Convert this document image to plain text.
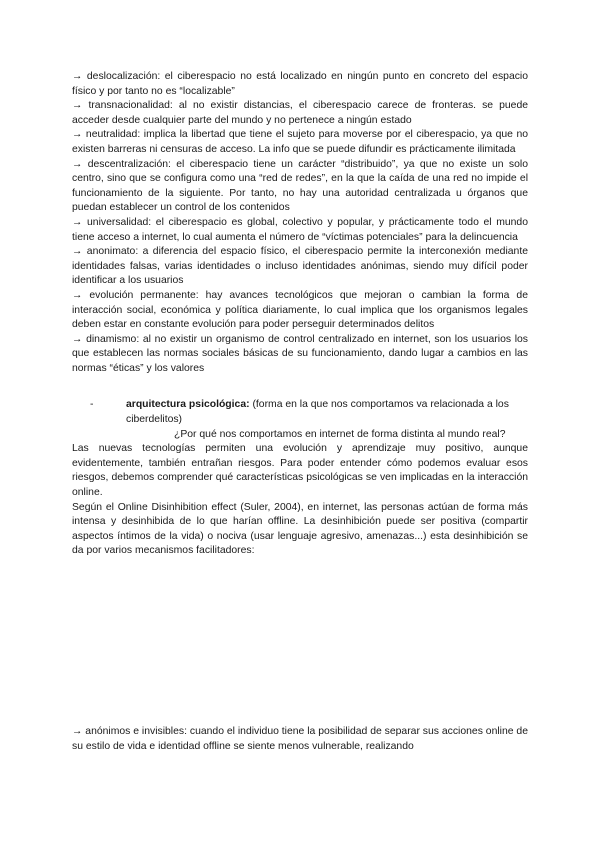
→ deslocalización: el ciberespacio no está localizado en ningún punto en concreto del espacio físico y por tanto no es “localizable”

→ transnacionalidad: al no existir distancias, el ciberespacio carece de fronteras. se puede acceder desde cualquier parte del mundo y no pertenece a ningún estado

→ neutralidad: implica la libertad que tiene el sujeto para moverse por el ciberespacio, ya que no existen barreras ni censuras de acceso. La info que se puede difundir es prácticamente ilimitada

→ descentralización: el ciberespacio tiene un carácter “distribuido”, ya que no existe un solo centro, sino que se configura como una “red de redes”, en la que la caída de una red no impide el funcionamiento de la siguiente. Por tanto, no hay una autoridad centralizada u órganos que puedan establecer un control de los contenidos

→ universalidad: el ciberespacio es global, colectivo y popular, y prácticamente todo el mundo tiene acceso a internet, lo cual aumenta el número de “víctimas potenciales” para la delincuencia

→ anonimato: a diferencia del espacio físico, el ciberespacio permite la interconexión mediante identidades falsas, varias identidades o incluso identidades anónimas, siendo muy difícil poder identificar a los usuarios

→ evolución permanente: hay avances tecnológicos que mejoran o cambian la forma de interacción social, económica y política diariamente, lo cual implica que los organismos legales deben estar en constante evolución para poder perseguir determinados delitos

→ dinamismo: al no existir un organismo de control centralizado en internet, son los usuarios los que establecen las normas sociales básicas de su funcionamiento, dando lugar a cambios en las normas “éticas” y los valores

-	arquitectura psicológica: (forma en la que nos comportamos va relacionada a los ciberdelitos)

¿Por qué nos comportamos en internet de forma distinta al mundo real?

Las nuevas tecnologías permiten una evolución y aprendizaje muy positivo, aunque evidentemente, también entrañan riesgos. Para poder entender cómo podemos evaluar esos riesgos, debemos comprender qué características psicológicas se ven implicadas en la interacción online.

Según el Online Disinhibition effect (Suler, 2004), en internet, las personas actúan de forma más intensa y desinhibida de lo que harían offline. La desinhibición puede ser positiva (compartir aspectos íntimos de la vida) o nociva (usar lenguaje agresivo, amenazas...) esta desinhibición se da por varios mecanismos facilitadores:

→ anónimos e invisibles: cuando el individuo tiene la posibilidad de separar sus acciones online de su estilo de vida e identidad offline se siente menos vulnerable, realizando
